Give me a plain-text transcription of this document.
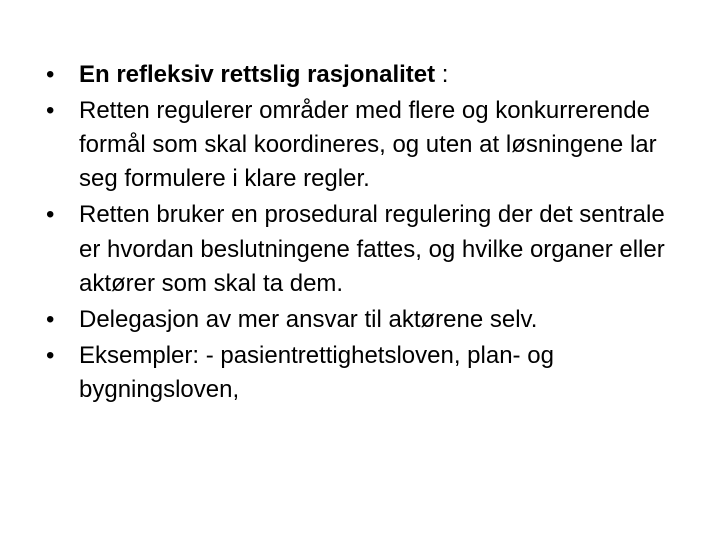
•	En refleksiv rettslig rasjonalitet :
•	Retten regulerer områder med flere og konkurrerende formål som skal koordineres, og uten at løsningene lar seg formulere i klare regler.
•	Retten bruker en prosedural regulering der det sentrale er hvordan beslutningene fattes, og hvilke organer eller aktører som skal ta dem.
•	Delegasjon av mer ansvar til aktørene selv.
•	Eksempler: - pasientrettighetsloven, plan- og bygningsloven,
